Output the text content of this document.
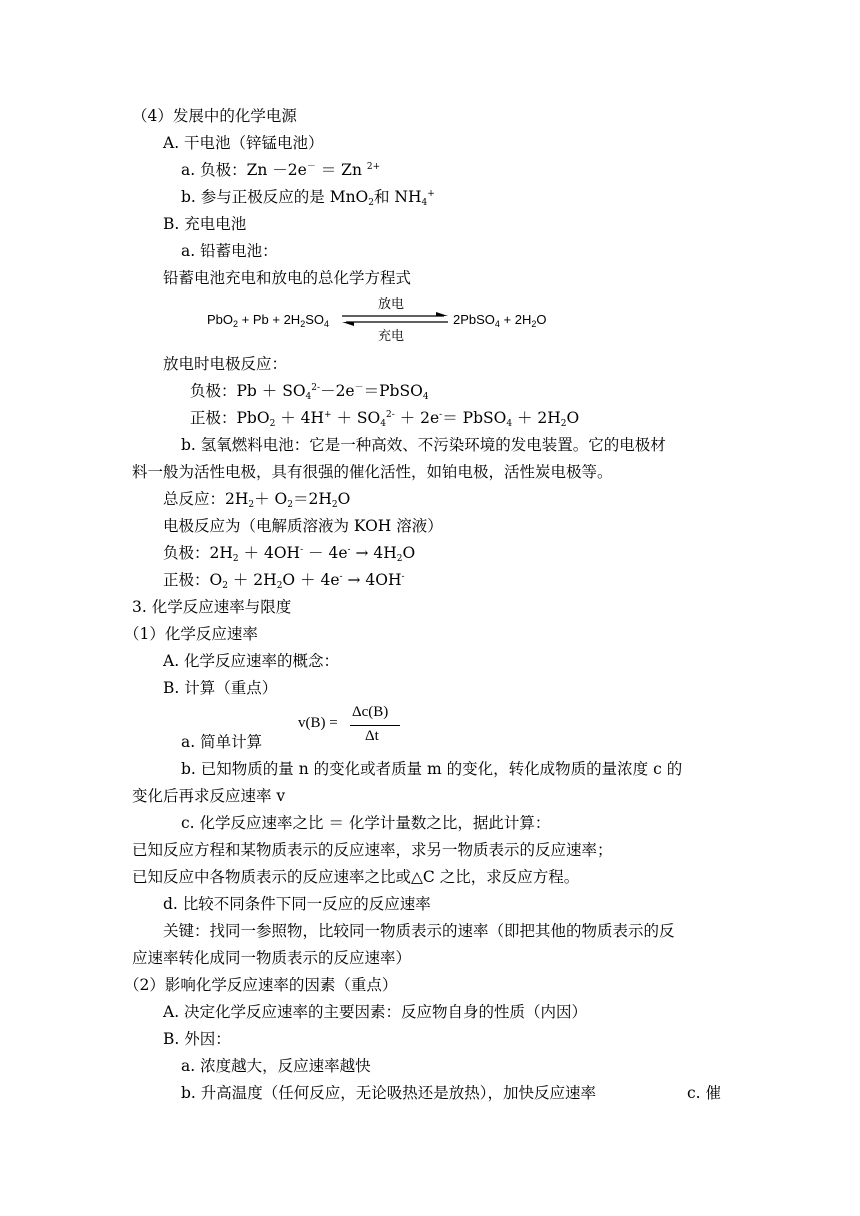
（4）发展中的化学电源
A. 干电池（锌锰电池）
a. 负极：Zn －2e－ ＝ Zn $^{2+}$
b. 参与正极反应的是 MnO$_2$和 $NH_4^+$
B. 充电电池
a. 铅蓄电池：
铅蓄电池充电和放电的总化学方程式
$PbO_2 + Pb + 2H_2SO_4$
放电
充电
2PbSO$_4$ + $2H_2O$
放电时电极反应：
负极：$Pb + SO_4^{2-}-2e^-=PbSO_4$
正极：$PbO_2 + 4H^+ + SO_4^{2-} + 2e^-=$ PbSO$_4$ ＋ $2H_2O$
b. 氢氧燃料电池：它是一种高效、不污染环境的发电装置。它的电极材
料一般为活性电极，具有很强的催化活性，如铂电极，活性炭电极等。
总反应：$2H_2+ O_2=2H_2O$
电极反应为（电解质溶液为 KOH 溶液）
负极：$2H_2 + 4OH^- - 4e^- \to 4H_2O$
正极：$O_2 + 2H_2O + 4e^- \to 4OH^-$
3. 化学反应速率与限度
（1）化学反应速率
A. 化学反应速率的概念：
B. 计算（重点）
v(B) =
Δc(B)
Δt
a. 简单计算
b. 已知物质的量 n 的变化或者质量 m 的变化，转化成物质的量浓度 c 的
变化后再求反应速率 v
c. 化学反应速率之比 ＝ 化学计量数之比，据此计算：
已知反应方程和某物质表示的反应速率，求另一物质表示的反应速率；
已知反应中各物质表示的反应速率之比或△C 之比，求反应方程。
d. 比较不同条件下同一反应的反应速率
关键：找同一参照物，比较同一物质表示的速率（即把其他的物质表示的反
应速率转化成同一物质表示的反应速率）
（2）影响化学反应速率的因素（重点）
A. 决定化学反应速率的主要因素：反应物自身的性质（内因）
B. 外因：
a. 浓度越大，反应速率越快
b. 升高温度（任何反应，无论吸热还是放热），加快反应速率	c. 催
